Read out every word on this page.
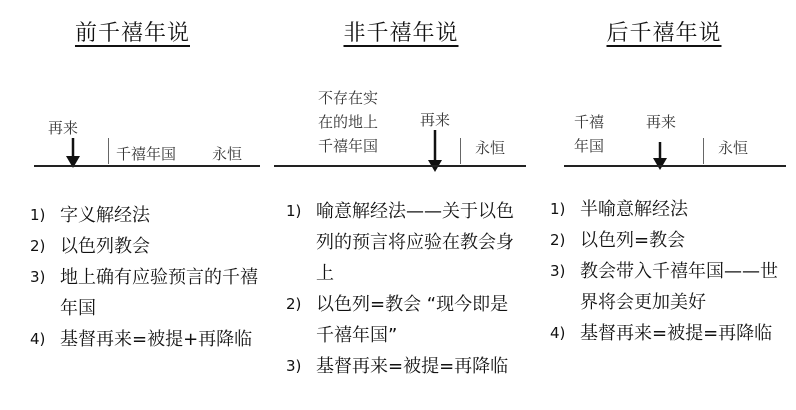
前千禧年说
再来
千禧年国 永恒
1) 字义解经法
2) 以色列教会
3) 地上确有应验预言的千禧年国
4) 基督再来=被提+再降临
非千禧年说
不存在实
在的地上
千禧年国
再来
永恒
1) 喻意解经法——关于以色列的预言将应验在教会身上
2) 以色列=教会 “现今即是千禧年国”
3) 基督再来=被提=再降临
后千禧年说
千禧	再来
年国	永恒
1) 半喻意解经法
2) 以色列=教会
3) 教会带入千禧年国——世界将会更加美好
4) 基督再来=被提=再降临
